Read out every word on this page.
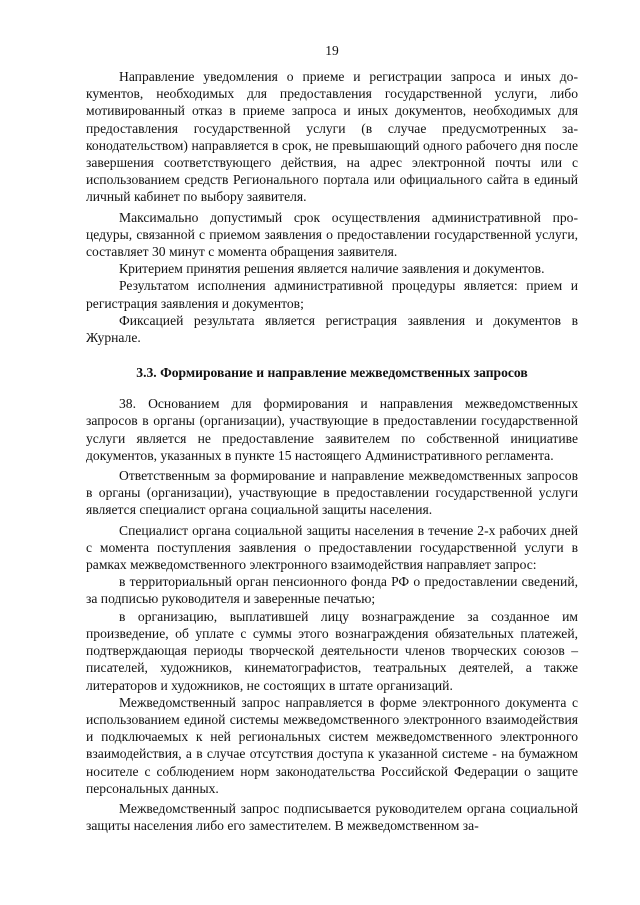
19

Направление уведомления о приеме и регистрации запроса и иных документов, необходимых для предоставления государственной услуги, либо мотивированный отказ в приеме запроса и иных документов, необходимых для предоставления государственной услуги (в случае предусмотренных законодательством) направляется в срок, не превышающий одного рабочего дня после завершения соответствующего действия, на адрес электронной почты или с использованием средств Регионального портала или официального сайта в единый личный кабинет по выбору заявителя.

Максимально допустимый срок осуществления административной процедуры, связанной с приемом заявления о предоставлении государственной услуги, составляет 30 минут с момента обращения заявителя.

Критерием принятия решения является наличие заявления и документов.

Результатом исполнения административной процедуры является: прием и регистрация заявления и документов;

Фиксацией результата является регистрация заявления и документов в Журнале.

3.3. Формирование и направление межведомственных запросов

38. Основанием для формирования и направления межведомственных запросов в органы (организации), участвующие в предоставлении государственной услуги является не предоставление заявителем по собственной инициативе документов, указанных в пункте 15 настоящего Административного регламента.

Ответственным за формирование и направление межведомственных запросов в органы (организации), участвующие в предоставлении государственной услуги является специалист органа социальной защиты населения.

Специалист органа социальной защиты населения в течение 2-х рабочих дней с момента поступления заявления о предоставлении государственной услуги в рамках межведомственного электронного взаимодействия направляет запрос:

в территориальный орган пенсионного фонда РФ о предоставлении сведений, за подписью руководителя и заверенные печатью;

в организацию, выплатившей лицу вознаграждение за созданное им произведение, об уплате с суммы этого вознаграждения обязательных платежей, подтверждающая периоды творческой деятельности членов творческих союзов – писателей, художников, кинематографистов, театральных деятелей, а также литераторов и художников, не состоящих в штате организаций.

Межведомственный запрос направляется в форме электронного документа с использованием единой системы межведомственного электронного взаимодействия и подключаемых к ней региональных систем межведомственного электронного взаимодействия, а в случае отсутствия доступа к указанной системе - на бумажном носителе с соблюдением норм законодательства Российской Федерации о защите персональных данных.

Межведомственный запрос подписывается руководителем органа социальной защиты населения либо его заместителем. В межведомственном за-
